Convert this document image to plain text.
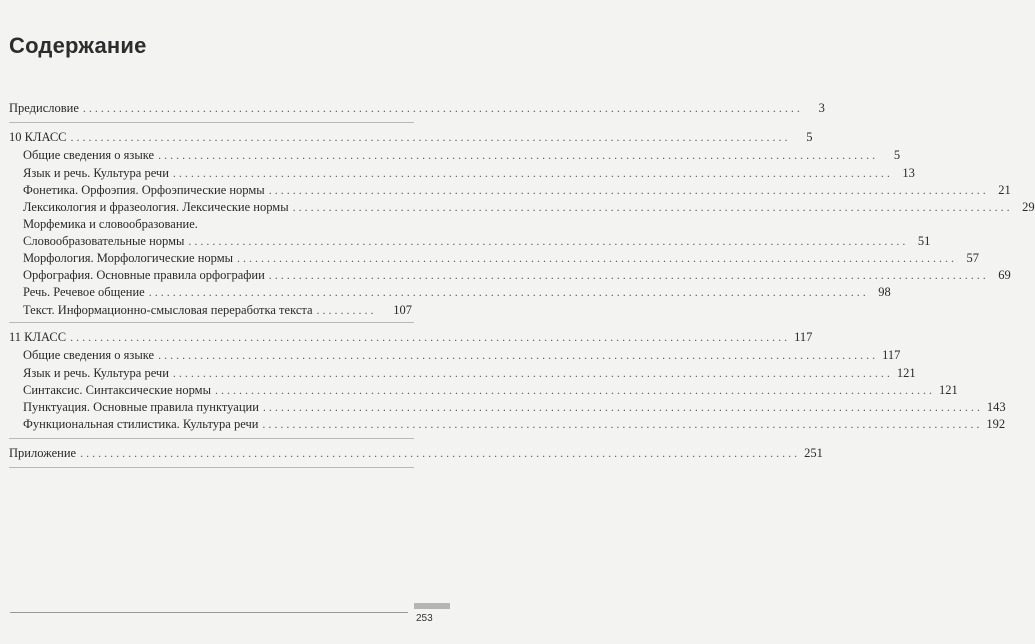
Содержание
Предисловие ........................................................................................................................	3
10 КЛАСС ........................................................................................................................	5
Общие сведения о языке ........................................................................................................................	5
Язык и речь. Культура речи ........................................................................................................................ 13
Фонетика. Орфоэпия. Орфоэпические нормы ........................................................................................................................ 21
Лексикология и фразеология. Лексические нормы ........................................................................................................................ 29
Морфемика и словообразование.
Словообразовательные нормы ........................................................................................................................ 51
Морфология. Морфологические нормы ........................................................................................................................ 57
Орфография. Основные правила орфографии ........................................................................................................................ 69
Речь. Речевое общение ........................................................................................................................ 98
Текст. Информационно-смысловая переработка текста ..........	107
11 КЛАСС ........................................................................................................................ 117
Общие сведения о языке ........................................................................................................................ 117
Язык и речь. Культура речи ........................................................................................................................ 121
Синтаксис. Синтаксические нормы ........................................................................................................................ 121
Пунктуация. Основные правила пунктуации ........................................................................................................................ 143
Функциональная стилистика. Культура речи ........................................................................................................................ 192
Приложение ........................................................................................................................ 251
253
